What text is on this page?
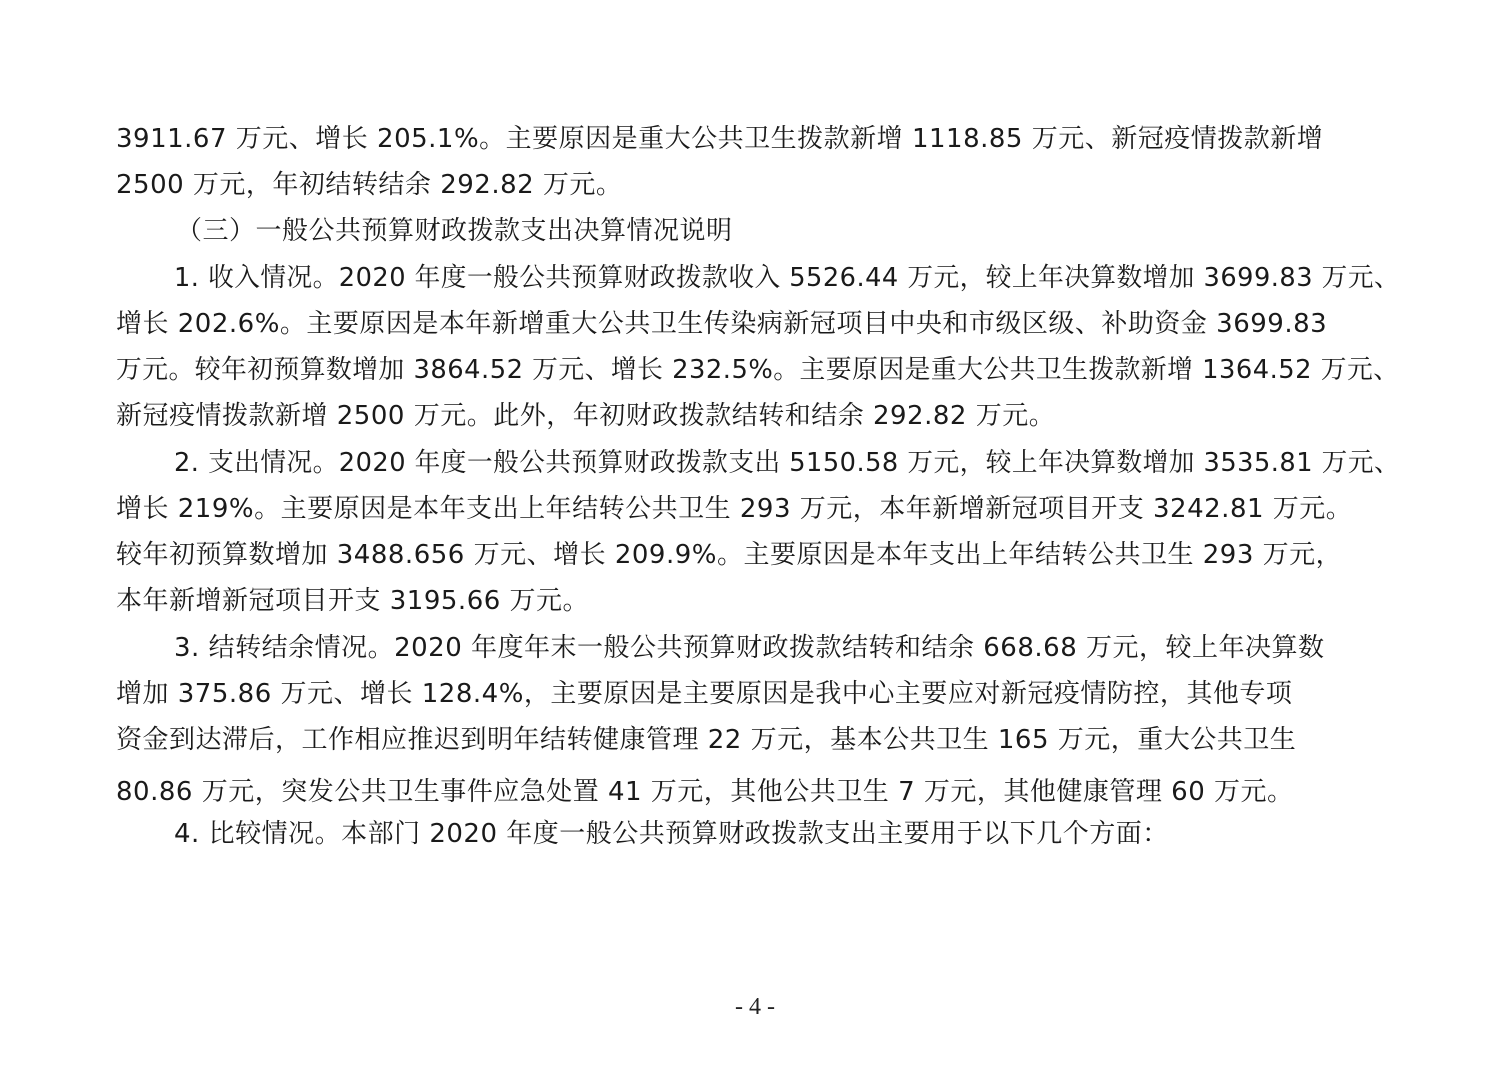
3911.67 万元、增长 205.1%。主要原因是重大公共卫生拨款新增 1118.85 万元、新冠疫情拨款新增
2500 万元，年初结转结余 292.82 万元。
（三）一般公共预算财政拨款支出决算情况说明
1. 收入情况。2020 年度一般公共预算财政拨款收入 5526.44 万元，较上年决算数增加 3699.83 万元、
增长 202.6%。主要原因是本年新增重大公共卫生传染病新冠项目中央和市级区级、补助资金 3699.83
万元。较年初预算数增加 3864.52 万元、增长 232.5%。主要原因是重大公共卫生拨款新增 1364.52 万元、
新冠疫情拨款新增 2500 万元。此外，年初财政拨款结转和结余 292.82 万元。
2. 支出情况。2020 年度一般公共预算财政拨款支出 5150.58 万元，较上年决算数增加 3535.81 万元、
增长 219%。主要原因是本年支出上年结转公共卫生 293 万元，本年新增新冠项目开支 3242.81 万元。
较年初预算数增加 3488.656 万元、增长 209.9%。主要原因是本年支出上年结转公共卫生 293 万元，
本年新增新冠项目开支 3195.66 万元。
3. 结转结余情况。2020 年度年末一般公共预算财政拨款结转和结余 668.68 万元，较上年决算数
增加 375.86 万元、增长 128.4%，主要原因是主要原因是我中心主要应对新冠疫情防控，其他专项
资金到达滞后，工作相应推迟到明年结转健康管理 22 万元，基本公共卫生 165 万元，重大公共卫生
80.86 万元，突发公共卫生事件应急处置 41 万元，其他公共卫生 7 万元，其他健康管理 60 万元。
4. 比较情况。本部门 2020 年度一般公共预算财政拨款支出主要用于以下几个方面：
- 4 -
